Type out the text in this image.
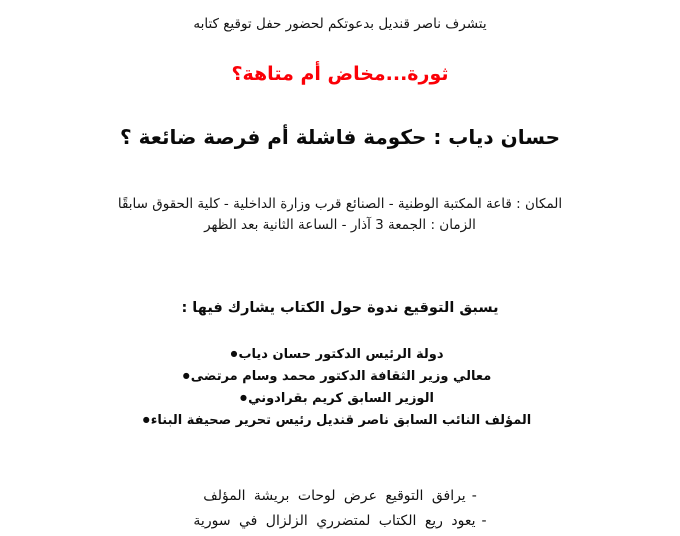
يتشرف ناصر قنديل بدعوتكم لحضور حفل توقيع كتابه
ثورة...مخاض أم متاهة؟
حسان دياب : حكومة فاشلة أم فرصة ضائعة ؟
المكان : قاعة المكتبة الوطنية - الصنائع قرب وزارة الداخلية - كلية الحقوق سابقًا
الزمان : الجمعة 3 آذار - الساعة الثانية بعد الظهر
يسبق التوقيع ندوة حول الكتاب يشارك فيها :
●دولة الرئيس الدكتور حسان دياب
●معالي وزير الثقافة الدكتور محمد وسام مرتضى
●الوزير السابق كريم بقرادوني
●المؤلف النائب السابق ناصر قنديل رئيس تحرير صحيفة البناء
-يرافق التوقيع عرض لوحات بريشة المؤلف
-يعود ريع الكتاب لمتضرري الزلزال في سورية
